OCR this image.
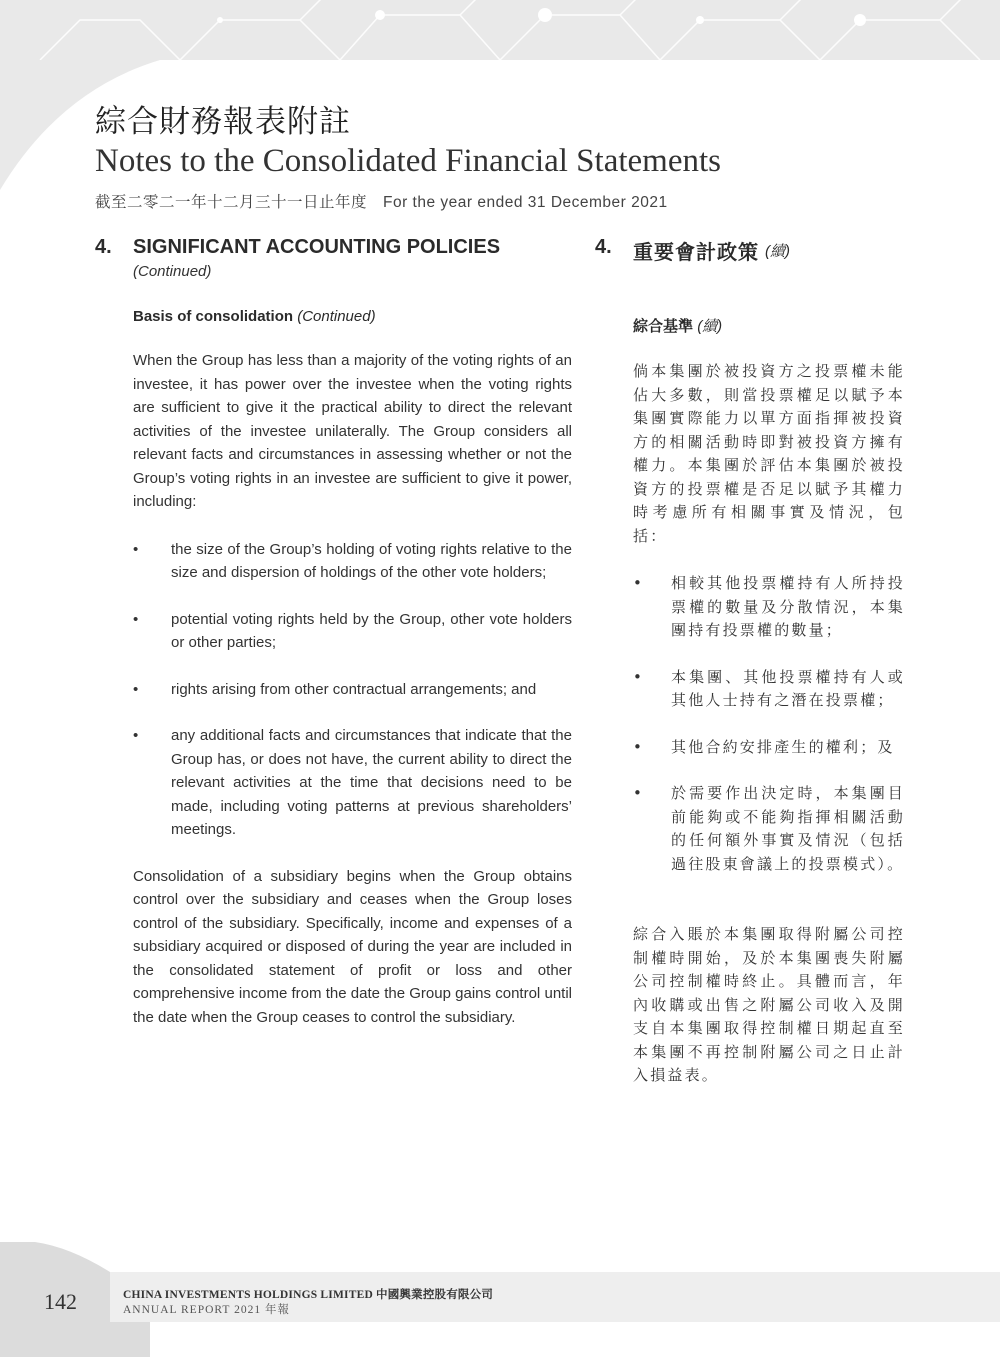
綜合財務報表附註
Notes to the Consolidated Financial Statements
截至二零二一年十二月三十一日止年度　For the year ended 31 December 2021
4.	SIGNIFICANT ACCOUNTING POLICIES
(Continued)
Basis of consolidation (Continued)

When the Group has less than a majority of the voting rights of an investee, it has power over the investee when the voting rights are sufficient to give it the practical ability to direct the relevant activities of the investee unilaterally. The Group considers all relevant facts and circumstances in assessing whether or not the Group’s voting rights in an investee are sufficient to give it power, including:

•	the size of the Group’s holding of voting rights relative to the size and dispersion of holdings of the other vote holders;
•	potential voting rights held by the Group, other vote holders or other parties;
•	rights arising from other contractual arrangements; and
•	any additional facts and circumstances that indicate that the Group has, or does not have, the current ability to direct the relevant activities at the time that decisions need to be made, including voting patterns at previous shareholders’ meetings.

Consolidation of a subsidiary begins when the Group obtains control over the subsidiary and ceases when the Group loses control of the subsidiary. Specifically, income and expenses of a subsidiary acquired or disposed of during the year are included in the consolidated statement of profit or loss and other comprehensive income from the date the Group gains control until the date when the Group ceases to control the subsidiary.

4.	重要會計政策 (續)
綜合基準 (續)

倘本集團於被投資方之投票權未能佔大多數，則當投票權足以賦予本集團實際能力以單方面指揮被投資方的相關活動時即對被投資方擁有權力。本集團於評估本集團於被投資方的投票權是否足以賦予其權力時考慮所有相關事實及情況，包括：

•	相較其他投票權持有人所持投票權的數量及分散情況，本集團持有投票權的數量；
•	本集團、其他投票權持有人或其他人士持有之潛在投票權；
•	其他合約安排產生的權利；及
•	於需要作出決定時，本集團目前能夠或不能夠指揮相關活動的任何額外事實及情況（包括過往股東會議上的投票模式）。

綜合入賬於本集團取得附屬公司控制權時開始，及於本集團喪失附屬公司控制權時終止。具體而言，年內收購或出售之附屬公司收入及開支自本集團取得控制權日期起直至本集團不再控制附屬公司之日止計入損益表。

142	CHINA INVESTMENTS HOLDINGS LIMITED 中國興業控股有限公司
ANNUAL REPORT 2021 年報
